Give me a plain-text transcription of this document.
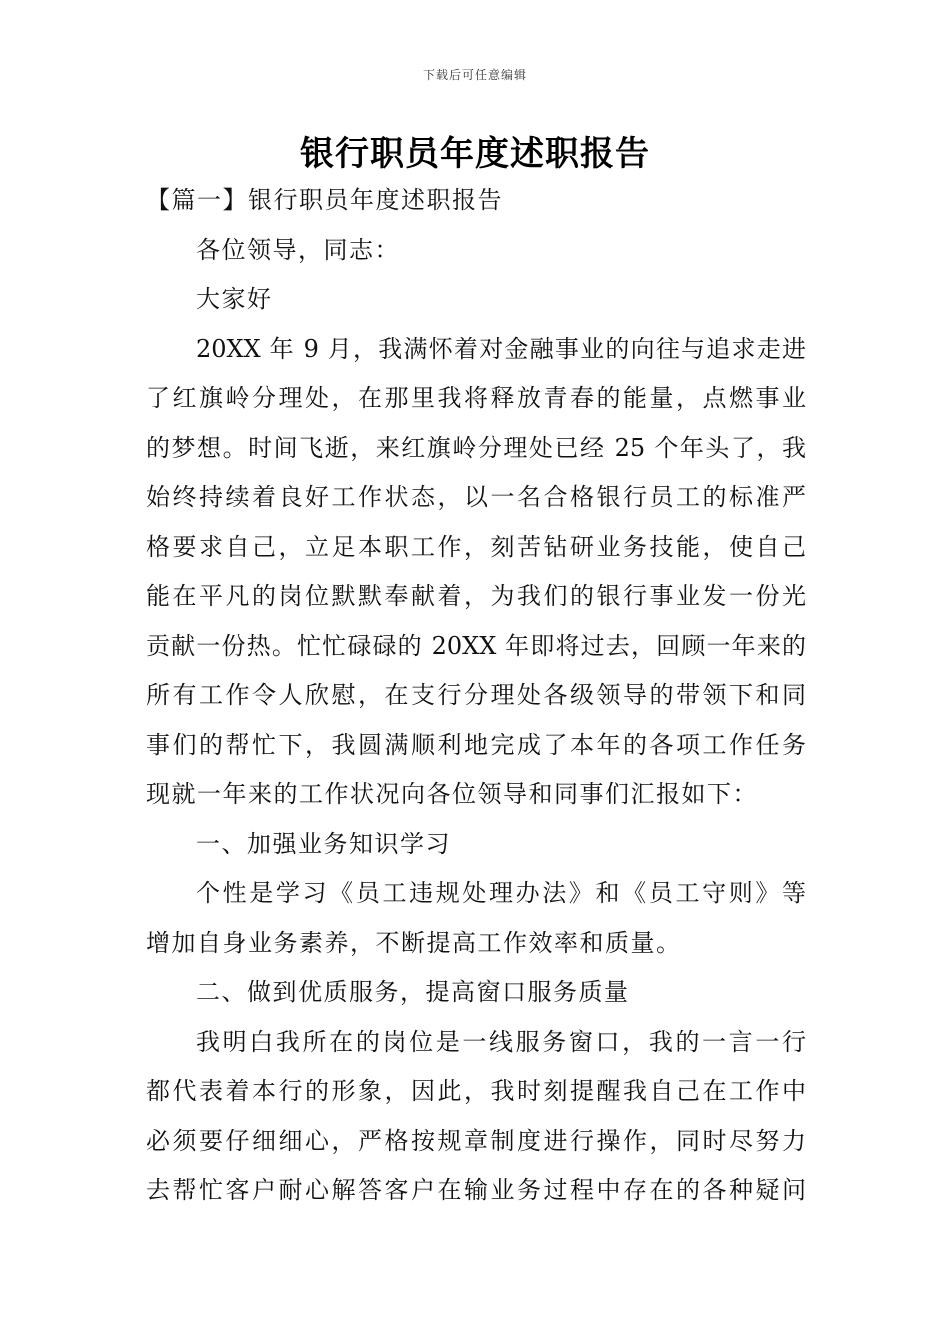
下载后可任意编辑
银行职员年度述职报告
【篇一】银行职员年度述职报告
各位领导，同志：
大家好
20XX 年 9 月，我满怀着对金融事业的向往与追求走进
了红旗岭分理处，在那里我将释放青春的能量，点燃事业
的梦想。时间飞逝，来红旗岭分理处已经 25 个年头了，我
始终持续着良好工作状态，以一名合格银行员工的标准严
格要求自己，立足本职工作，刻苦钻研业务技能，使自己
能在平凡的岗位默默奉献着，为我们的银行事业发一份光
贡献一份热。忙忙碌碌的 20XX 年即将过去，回顾一年来的
所有工作令人欣慰，在支行分理处各级领导的带领下和同
事们的帮忙下，我圆满顺利地完成了本年的各项工作任务
现就一年来的工作状况向各位领导和同事们汇报如下：
一、加强业务知识学习
个性是学习《员工违规处理办法》和《员工守则》等
增加自身业务素养，不断提高工作效率和质量。
二、做到优质服务，提高窗口服务质量
我明白我所在的岗位是一线服务窗口，我的一言一行
都代表着本行的形象，因此，我时刻提醒我自己在工作中
必须要仔细细心，严格按规章制度进行操作，同时尽努力
去帮忙客户耐心解答客户在输业务过程中存在的各种疑问
